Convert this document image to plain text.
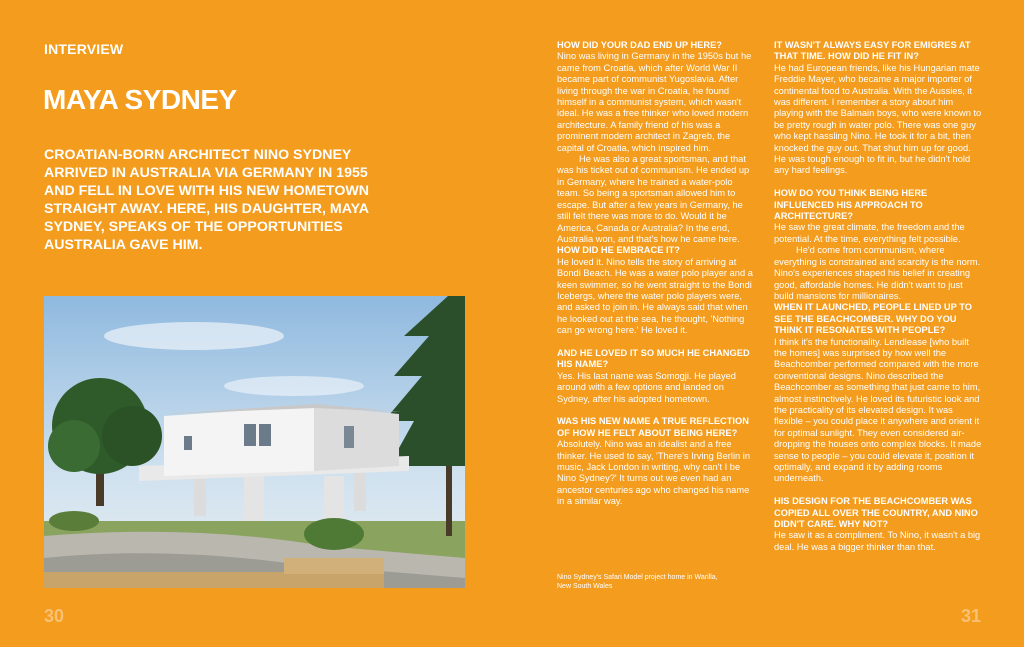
INTERVIEW
MAYA SYDNEY
CROATIAN-BORN ARCHITECT NINO SYDNEY ARRIVED IN AUSTRALIA VIA GERMANY IN 1955 AND FELL IN LOVE WITH HIS NEW HOMETOWN STRAIGHT AWAY. HERE, HIS DAUGHTER, MAYA SYDNEY, SPEAKS OF THE OPPORTUNITIES AUSTRALIA GAVE HIM.
30

HOW DID YOUR DAD END UP HERE?

Nino was living in Germany in the 1950s but he came from Croatia, which after World War II became part of communist Yugoslavia. After living through the war in Croatia, he found himself in a communist system, which wasn't ideal. He was a free thinker who loved modern architecture. A family friend of his was a prominent modern architect in Zagreb, the capital of Croatia, which inspired him.

He was also a great sportsman, and that was his ticket out of communism. He ended up in Germany, where he trained a water-polo team. So being a sportsman allowed him to escape. But after a few years in Germany, he still felt there was more to do. Would it be America, Canada or Australia? In the end, Australia won, and that's how he came here.

HOW DID HE EMBRACE IT?

He loved it. Nino tells the story of arriving at Bondi Beach. He was a water polo player and a keen swimmer, so he went straight to the Bondi Icebergs, where the water polo players were, and asked to join in. He always said that when he looked out at the sea, he thought, 'Nothing can go wrong here.' He loved it.

AND HE LOVED IT SO MUCH HE CHANGED HIS NAME?

Yes. His last name was Somogji. He played around with a few options and landed on Sydney, after his adopted hometown.

WAS HIS NEW NAME A TRUE REFLECTION OF HOW HE FELT ABOUT BEING HERE?

Absolutely. Nino was an idealist and a free thinker. He used to say, 'There's Irving Berlin in music, Jack London in writing, why can't I be Nino Sydney?' It turns out we even had an ancestor centuries ago who changed his name in a similar way.

IT WASN'T ALWAYS EASY FOR EMIGRES AT THAT TIME. HOW DID HE FIT IN?

He had European friends, like his Hungarian mate Freddie Mayer, who became a major importer of continental food to Australia. With the Aussies, it was different. I remember a story about him playing with the Balmain boys, who were known to be pretty rough in water polo. There was one guy who kept hassling Nino. He took it for a bit, then knocked the guy out. That shut him up for good. He was tough enough to fit in, but he didn't hold any hard feelings.

HOW DO YOU THINK BEING HERE INFLUENCED HIS APPROACH TO ARCHITECTURE?

He saw the great climate, the freedom and the potential. At the time, everything felt possible.

He'd come from communism, where everything is constrained and scarcity is the norm. Nino's experiences shaped his belief in creating good, affordable homes. He didn't want to just build mansions for millionaires.

WHEN IT LAUNCHED, PEOPLE LINED UP TO SEE THE BEACHCOMBER. WHY DO YOU THINK IT RESONATES WITH PEOPLE?

I think it's the functionality. Lendlease [who built the homes] was surprised by how well the Beachcomber performed compared with the more conventional designs. Nino described the Beachcomber as something that just came to him, almost instinctively. He loved its futuristic look and the practicality of its elevated design. It was flexible – you could place it anywhere and orient it for optimal sunlight. They even considered air-dropping the houses onto complex blocks. It made sense to people – you could elevate it, position it optimally, and expand it by adding rooms underneath.

HIS DESIGN FOR THE BEACHCOMBER WAS COPIED ALL OVER THE COUNTRY, AND NINO DIDN'T CARE. WHY NOT?

He saw it as a compliment. To Nino, it wasn't a big deal. He was a bigger thinker than that.

Nino Sydney's Safari Model project home in Warilla, New South Wales
31
